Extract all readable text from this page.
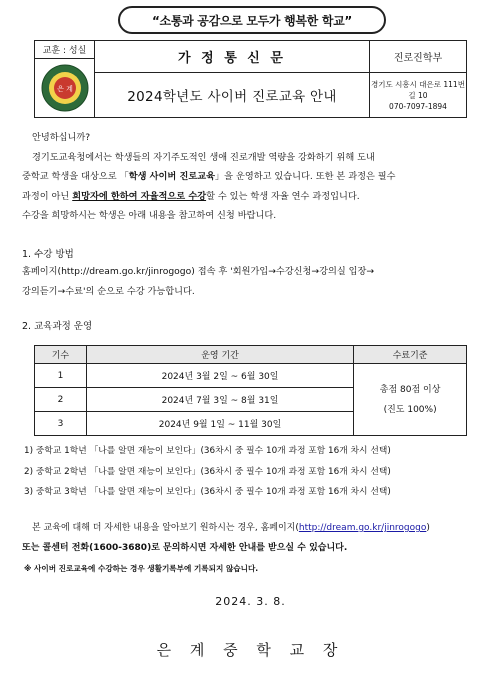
“소통과 공감으로 모두가 행복한 학교”
교훈 : 성실
은 계
가 정 통 신 문	진로진학부
2024학년도 사이버 진로교육 안내
경기도 시흥시 대은로 111번길 10
070-7097-1894
안녕하십니까?
경기도교육청에서는 학생들의 자기주도적인 생애 진로개발 역량을 강화하기 위해 도내
중학교 학생을 대상으로 「학생 사이버 진로교육」을 운영하고 있습니다. 또한 본 과정은 필수
과정이 아닌 희망자에 한하여 자율적으로 수강할 수 있는 학생 자율 연수 과정입니다.
수강을 희망하시는 학생은 아래 내용을 참고하여 신청 바랍니다.
1. 수강 방법
홈페이지(http://dream.go.kr/jinrogogo) 접속 후 '회원가입→수강신청→강의실 입장→
강의듣기→수료'의 순으로 수강 가능합니다.
2. 교육과정 운영
기수	운영 기간	수료기준
1	2024년 3월 2일 ~ 6월 30일	총점 80점 이상
(진도 100%)

2	2024년 7월 3일 ~ 8월 31일	
3	2024년 9월 1일 ~ 11월 30일	
1) 중학교 1학년 「나를 알면 재능이 보인다」(36차시 중 필수 10개 과정 포함 16개 차시 선택)
2) 중학교 2학년 「나를 알면 재능이 보인다」(36차시 중 필수 10개 과정 포함 16개 차시 선택)
3) 중학교 3학년 「나를 알면 재능이 보인다」(36차시 중 필수 10개 과정 포함 16개 차시 선택)
본 교육에 대해 더 자세한 내용을 알아보기 원하시는 경우, 홈페이지(http://dream.go.kr/jinrogogo)
또는 콜센터 전화(1600-3680)로 문의하시면 자세한 안내를 받으실 수 있습니다.
※ 사이버 진로교육에 수강하는 경우 생활기록부에 기록되지 않습니다.
2024. 3. 8.
은 계 중 학 교 장
